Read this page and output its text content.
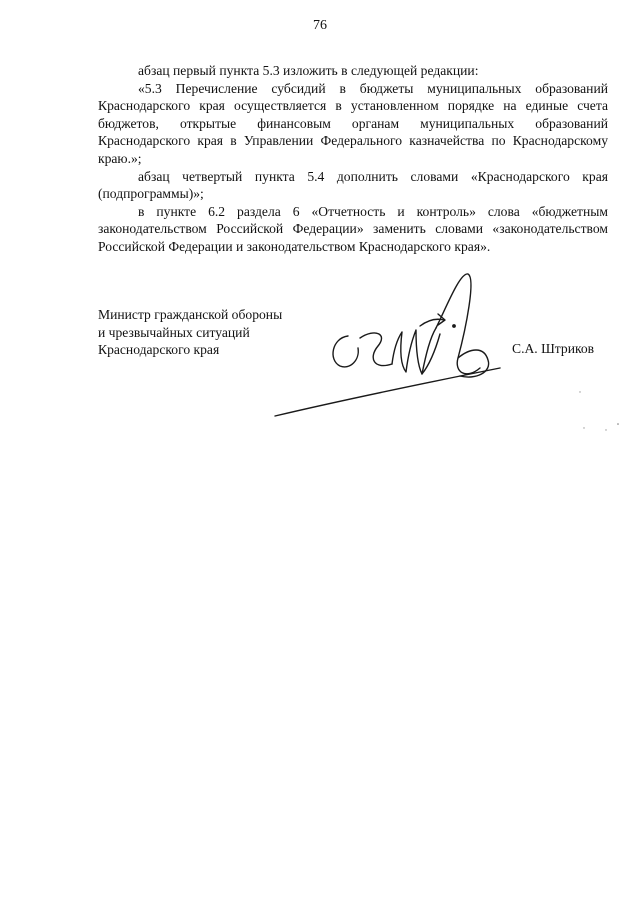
76

абзац первый пункта 5.3 изложить в следующей редакции:

«5.3 Перечисление субсидий в бюджеты муниципальных образований Краснодарского края осуществляется в установленном порядке на единые счета бюджетов, открытые финансовым органам муниципальных образований Краснодарского края в Управлении Федерального казначейства по Краснодарскому краю.»;

абзац четвертый пункта 5.4 дополнить словами «Краснодарского края (подпрограммы)»;

в пункте 6.2 раздела 6 «Отчетность и контроль» слова «бюджетным законодательством Российской Федерации» заменить словами «законодательством Российской Федерации и законодательством Краснодарского края».

Министр гражданской обороны
и чрезвычайных ситуаций
Краснодарского края	С.А. Штриков
